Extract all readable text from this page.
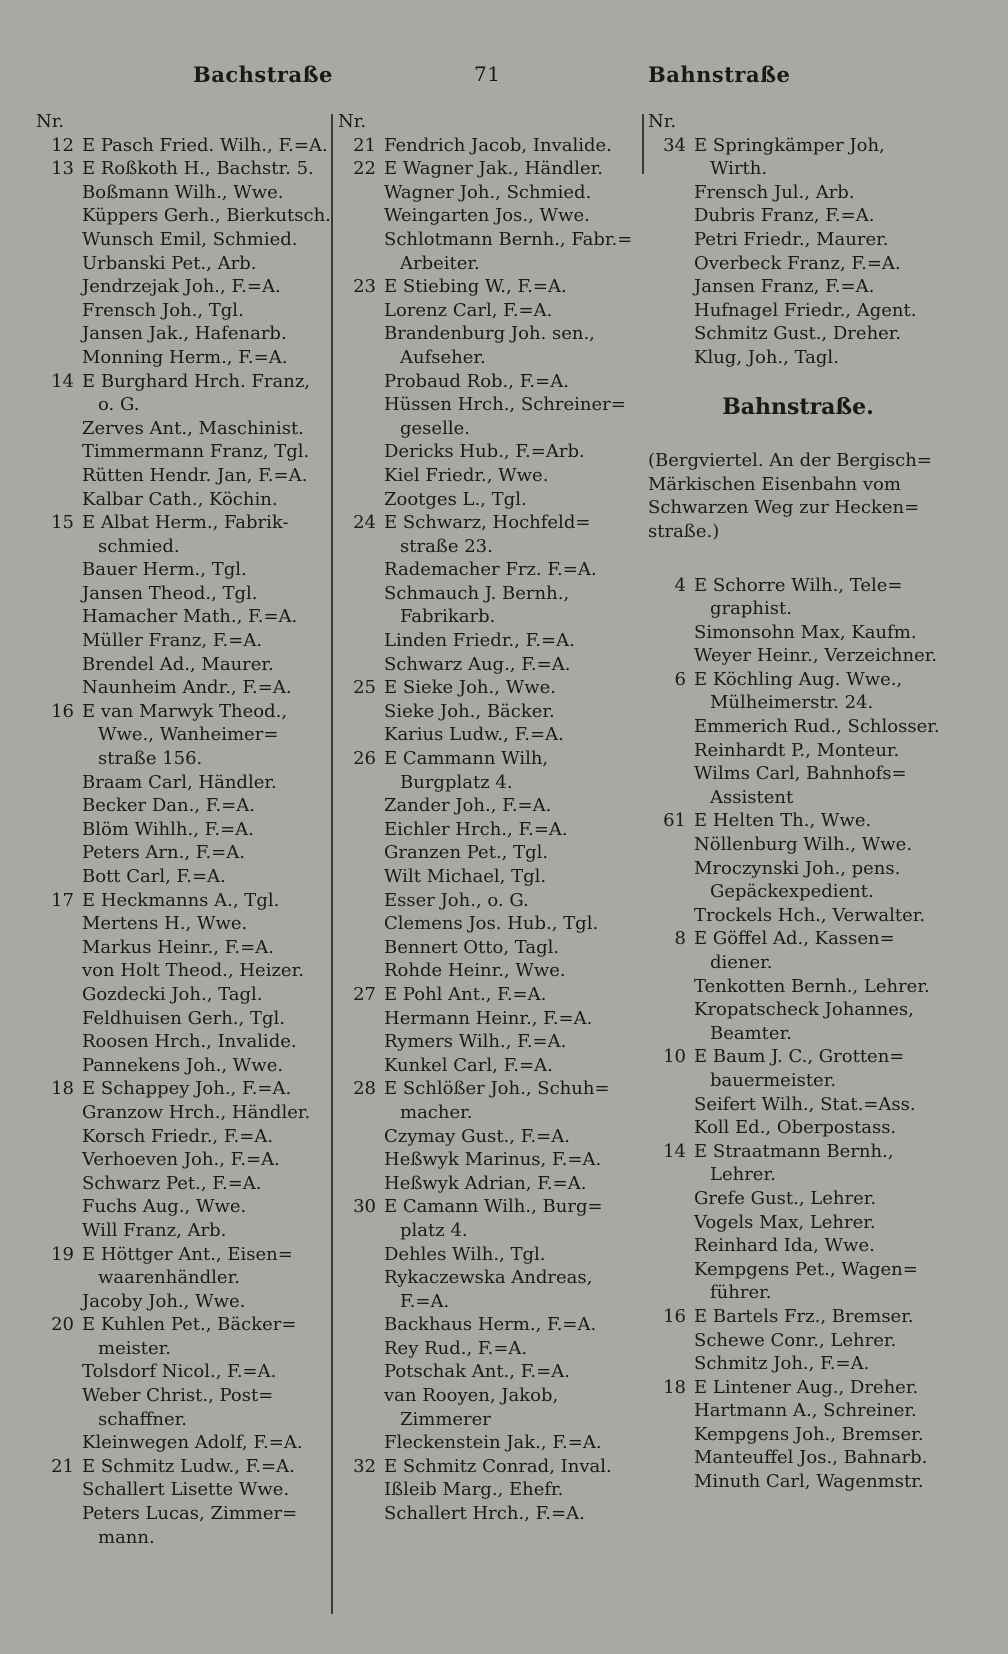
Bachstraße	71	Bahnstraße
Nr.
12 E Pasch Fried. Wilh., F.=A.
13 E Roßkoth H., Bachstr. 5.
Boßmann Wilh., Wwe.
Küppers Gerh., Bierkutsch.
Wunsch Emil, Schmied.
Urbanski Pet., Arb.
Jendrzejak Joh., F.=A.
Frensch Joh., Tgl.
Jansen Jak., Hafenarb.
Monning Herm., F.=A.
14 E Burghard Hrch. Franz,
o. G.
Zerves Ant., Maschinist.
Timmermann Franz, Tgl.
Rütten Hendr. Jan, F.=A.
Kalbar Cath., Köchin.
15 E Albat Herm., Fabrik-
schmied.
Bauer Herm., Tgl.
Jansen Theod., Tgl.
Hamacher Math., F.=A.
Müller Franz, F.=A.
Brendel Ad., Maurer.
Naunheim Andr., F.=A.
16 E van Marwyk Theod.,
Wwe., Wanheimer=
straße 156.
Braam Carl, Händler.
Becker Dan., F.=A.
Blöm Wihlh., F.=A.
Peters Arn., F.=A.
Bott Carl, F.=A.
17 E Heckmanns A., Tgl.
Mertens H., Wwe.
Markus Heinr., F.=A.
von Holt Theod., Heizer.
Gozdecki Joh., Tagl.
Feldhuisen Gerh., Tgl.
Roosen Hrch., Invalide.
Pannekens Joh., Wwe.
18 E Schappey Joh., F.=A.
Granzow Hrch., Händler.
Korsch Friedr., F.=A.
Verhoeven Joh., F.=A.
Schwarz Pet., F.=A.
Fuchs Aug., Wwe.
Will Franz, Arb.
19 E Höttger Ant., Eisen=
waarenhändler.
Jacoby Joh., Wwe.
20 E Kuhlen Pet., Bäcker=
meister.
Tolsdorf Nicol., F.=A.
Weber Christ., Post=
schaffner.
Kleinwegen Adolf, F.=A.
21 E Schmitz Ludw., F.=A.
Schallert Lisette Wwe.
Peters Lucas, Zimmer=
mann.
Nr.
21 Fendrich Jacob, Invalide.
22 E Wagner Jak., Händler.
Wagner Joh., Schmied.
Weingarten Jos., Wwe.
Schlotmann Bernh., Fabr.=
Arbeiter.
23 E Stiebing W., F.=A.
Lorenz Carl, F.=A.
Brandenburg Joh. sen.,
Aufseher.
Probaud Rob., F.=A.
Hüssen Hrch., Schreiner=
geselle.
Dericks Hub., F.=Arb.
Kiel Friedr., Wwe.
Zootges L., Tgl.
24 E Schwarz, Hochfeld=
straße 23.
Rademacher Frz. F.=A.
Schmauch J. Bernh.,
Fabrikarb.
Linden Friedr., F.=A.
Schwarz Aug., F.=A.
25 E Sieke Joh., Wwe.
Sieke Joh., Bäcker.
Karius Ludw., F.=A.
26 E Cammann Wilh,
Burgplatz 4.
Zander Joh., F.=A.
Eichler Hrch., F.=A.
Granzen Pet., Tgl.
Wilt Michael, Tgl.
Esser Joh., o. G.
Clemens Jos. Hub., Tgl.
Bennert Otto, Tagl.
Rohde Heinr., Wwe.
27 E Pohl Ant., F.=A.
Hermann Heinr., F.=A.
Rymers Wilh., F.=A.
Kunkel Carl, F.=A.
28 E Schlößer Joh., Schuh=
macher.
Czymay Gust., F.=A.
Heßwyk Marinus, F.=A.
Heßwyk Adrian, F.=A.
30 E Camann Wilh., Burg=
platz 4.
Dehles Wilh., Tgl.
Rykaczewska Andreas,
F.=A.
Backhaus Herm., F.=A.
Rey Rud., F.=A.
Potschak Ant., F.=A.
van Rooyen, Jakob,
Zimmerer
Fleckenstein Jak., F.=A.
32 E Schmitz Conrad, Inval.
Ißleib Marg., Ehefr.
Schallert Hrch., F.=A.
Nr.
34 E Springkämper Joh,
Wirth.
Frensch Jul., Arb.
Dubris Franz, F.=A.
Petri Friedr., Maurer.
Overbeck Franz, F.=A.
Jansen Franz, F.=A.
Hufnagel Friedr., Agent.
Schmitz Gust., Dreher.
Klug, Joh., Tagl.
Bahnstraße.
(Bergviertel. An der Bergisch=
Märkischen Eisenbahn vom
Schwarzen Weg zur Hecken=
straße.)
4 E Schorre Wilh., Tele=
graphist.
Simonsohn Max, Kaufm.
Weyer Heinr., Verzeichner.
6 E Köchling Aug. Wwe.,
Mülheimerstr. 24.
Emmerich Rud., Schlosser.
Reinhardt P., Monteur.
Wilms Carl, Bahnhofs=
Assistent
61 E Helten Th., Wwe.
Nöllenburg Wilh., Wwe.
Mroczynski Joh., pens.
Gepäckexpedient.
Trockels Hch., Verwalter.
8 E Göffel Ad., Kassen=
diener.
Tenkotten Bernh., Lehrer.
Kropatscheck Johannes,
Beamter.
10 E Baum J. C., Grotten=
bauermeister.
Seifert Wilh., Stat.=Ass.
Koll Ed., Oberpostass.
14 E Straatmann Bernh.,
Lehrer.
Grefe Gust., Lehrer.
Vogels Max, Lehrer.
Reinhard Ida, Wwe.
Kempgens Pet., Wagen=
führer.
16 E Bartels Frz., Bremser.
Schewe Conr., Lehrer.
Schmitz Joh., F.=A.
18 E Lintener Aug., Dreher.
Hartmann A., Schreiner.
Kempgens Joh., Bremser.
Manteuffel Jos., Bahnarb.
Minuth Carl, Wagenmstr.
